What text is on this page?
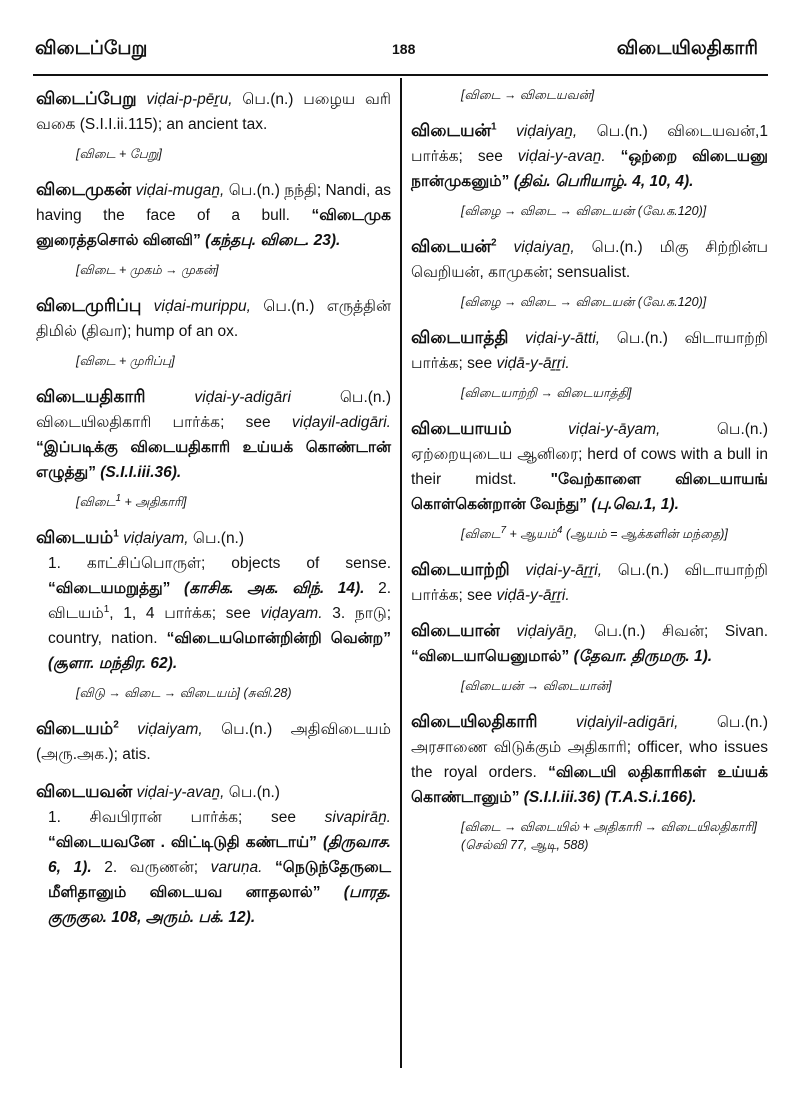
விடைப்பேறு	188	விடையிலதிகாரி
விடைப்பேறு viḍai-p-pēṟu, பெ.(n.) பழைய வரி வகை (S.I.I.ii.115); an ancient tax.
[விடை + பேறு]
விடைமுகன் viḍai-mugaṉ, பெ.(n.) நந்தி; Nandi, as having the face of a bull. “விடைமுக னுரைத்தசொல் வினவி” (கந்தபு. விடை. 23).
[விடை + முகம் → முகன்]
விடைமுரிப்பு viḍai-murippu, பெ.(n.) எருத்தின் திமில் (திவா); hump of an ox.
[விடை + முரிப்பு]
விடையதிகாரி	viḍai-y-adigāri	பெ.(n.) விடையிலதிகாரி பார்க்க; see viḍayil-adigāri. “இப்படிக்கு விடையதிகாரி உய்யக் கொண்டான் எழுத்து” (S.I.I.iii.36).
[விடை$^1$ + அதிகாரி]
விடையம்$^1$ viḍaiyam, பெ.(n.)
1. காட்சிப்பொருள்; objects of sense. “விடையமறுத்து” (காசிக. அக. விந். 14). 2. விடயம்$^1$, 1, 4 பார்க்க; see viḍayam. 3. நாடு; country, nation. “விடையமொன்றின்றி வென்ற” (சூளா. மந்திர. 62).
[விடு → விடை → விடையம்] (சுவி.28)
விடையம்$^2$ viḍaiyam, பெ.(n.) அதிவிடையம் (அரு.அக.); atis.
விடையவன் viḍai-y-avaṉ, பெ.(n.)
1. சிவபிரான் பார்க்க; see sivapirāṉ. “விடையவனே . விட்டிடுதி கண்டாய்” (திருவாச. 6, 1). 2. வருணன்; varuṇa. “நெடுந்தேருடை மீளிதானும் விடையவ னாதலால்” (பாரத. குருகுல. 108, அரும். பக். 12).
[விடை → விடையவன்]
விடையன்$^1$ viḍaiyaṉ, பெ.(n.) விடையவன்,1 பார்க்க; see viḍai-y-avaṉ. “ஒற்றை விடையனு நான்முகனும்” (திவ். பெரியாழ். 4, 10, 4).
[விழை → விடை → விடையன் (வே.க.120)]
விடையன்$^2$ viḍaiyaṉ, பெ.(n.) மிகு சிற்றின்ப வெறியன், காமுகன்; sensualist.
[விழை → விடை → விடையன் (வே.க.120)]
விடையாத்தி viḍai-y-ātti, பெ.(n.) விடாயாற்றி பார்க்க; see viḍā-y-āṟṟi.
[விடையாற்றி → விடையாத்தி]
விடையாயம்	viḍai-y-āyam,	பெ.(n.) ஏற்றையுடைய ஆனிரை; herd of cows with a bull in their midst. "வேற்காளை விடையாயங் கொள்கென்றான் வேந்து” (பு.வெ.1, 1).
[விடை$^7$ + ஆயம்$^4$ (ஆயம் = ஆக்களின் மந்தை)]
விடையாற்றி viḍai-y-āṟṟi, பெ.(n.) விடாயாற்றி பார்க்க; see viḍā-y-āṟṟi.
விடையான் viḍaiyāṉ, பெ.(n.) சிவன்; Sivan. “விடையாயெனுமால்” (தேவா. திருமரு. 1).
[விடையன் → விடையான்]
விடையிலதிகாரி viḍaiyil-adigāri, பெ.(n.) அரசாணை விடுக்கும் அதிகாரி; officer, who issues the royal orders. “விடையி லதிகாரிகள் உய்யக் கொண்டானும்” (S.I.I.iii.36) (T.A.S.i.166).
[விடை → விடையில் + அதிகாரி → விடையிலதிகாரி] (செல்வி 77, ஆடி, 588)
